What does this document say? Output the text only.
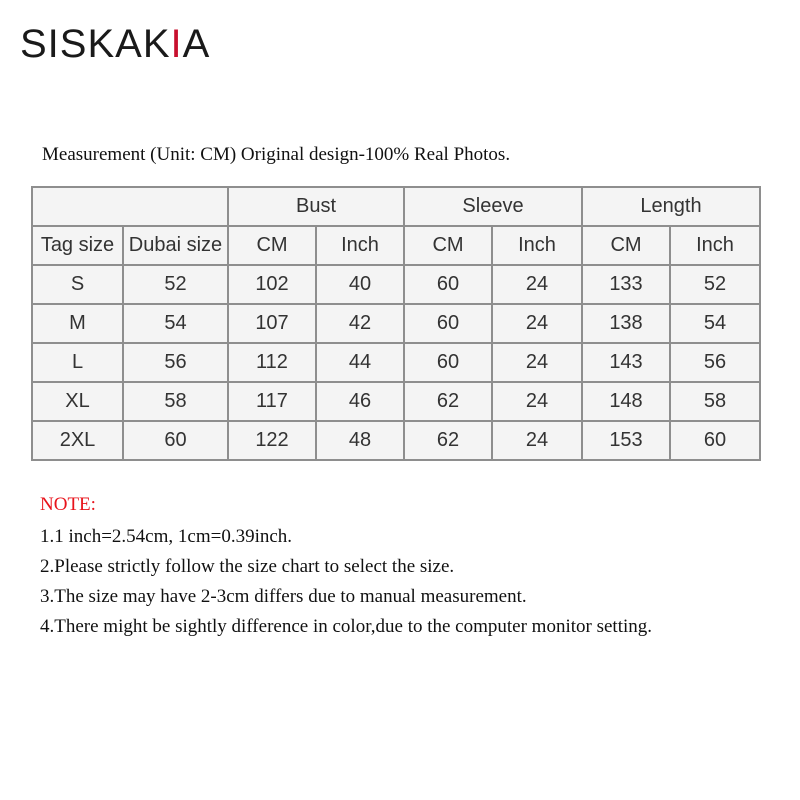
SISKAKIA
Measurement (Unit: CM) Original design-100% Real Photos.
		Bust		Sleeve		Length	
Tag size	Dubai size	CM	Inch	CM	Inch	CM	Inch
S	52	102	40	60	24	133	52
M	54	107	42	60	24	138	54
L	56	112	44	60	24	143	56
XL	58	117	46	62	24	148	58
2XL	60	122	48	62	24	153	60
NOTE:
1.1 inch=2.54cm, 1cm=0.39inch.
2.Please strictly follow the size chart to select the size.
3.The size may have 2-3cm differs due to manual measurement.
4.There might be sightly difference in color,due to the computer monitor setting.
